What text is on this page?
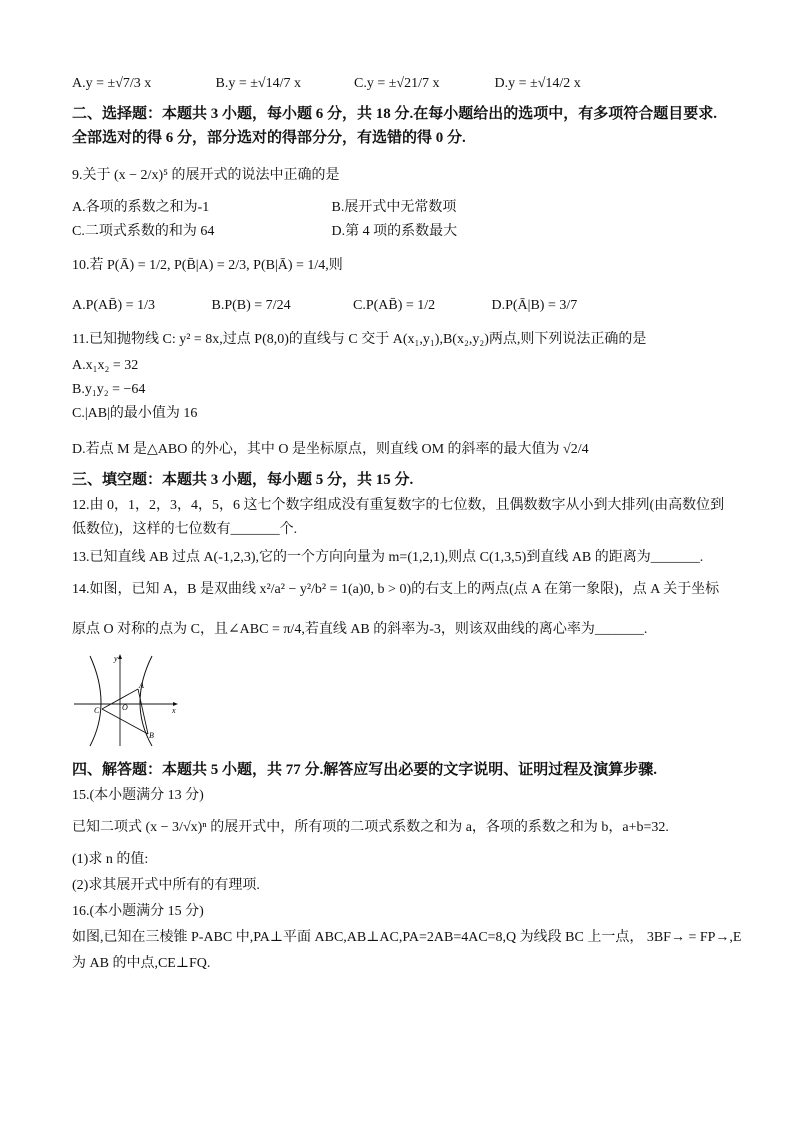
A.y = ±√7/3 x	B.y = ±√14/7 x	C.y = ±√21/7 x	D.y = ±√14/2 x
二、选择题：本题共 3 小题，每小题 6 分，共 18 分.在每小题给出的选项中，有多项符合题目要求.全部选对的得 6 分，部分选对的得部分分，有选错的得 0 分.
9.关于 (x − 2/x)⁵ 的展开式的说法中正确的是
A.各项的系数之和为-1	B.展开式中无常数项
C.二项式系数的和为 64	D.第 4 项的系数最大
10.若 P(Ā) = 1/2, P(B̄|A) = 2/3, P(B|Ā) = 1/4,则
A.P(AB̄) = 1/3	B.P(B) = 7/24	C.P(AB̄) = 1/2	D.P(Ā|B) = 3/7
11.已知抛物线 C: y² = 8x,过点 P(8,0)的直线与 C 交于 A(x₁,y₁),B(x₂,y₂)两点,则下列说法正确的是
A.x₁x₂ = 32
B.y₁y₂ = −64
C.|AB|的最小值为 16
D.若点 M 是△ABO 的外心，其中 O 是坐标原点，则直线 OM 的斜率的最大值为 √2/4
三、填空题：本题共 3 小题，每小题 5 分，共 15 分.
12.由 0，1，2，3，4，5，6 这七个数字组成没有重复数字的七位数，且偶数数字从小到大排列(由高数位到
低数位)，这样的七位数有_______个.
13.已知直线 AB 过点 A(-1,2,3),它的一个方向向量为 m=(1,2,1),则点 C(1,3,5)到直线 AB 的距离为_______.
14.如图，已知 A，B 是双曲线 x²/a² − y²/b² = 1(a)0, b > 0)的右支上的两点(点 A 在第一象限)，点 A 关于坐标
原点 O 对称的点为 C，且∠ABC = π/4,若直线 AB 的斜率为-3，则该双曲线的离心率为_______.
y
x
A
B
C	O
四、解答题：本题共 5 小题，共 77 分.解答应写出必要的文字说明、证明过程及演算步骤.
15.(本小题满分 13 分)
已知二项式 (x − 3/√x)ⁿ 的展开式中，所有项的二项式系数之和为 a，各项的系数之和为 b，a+b=32.
(1)求 n 的值:
(2)求其展开式中所有的有理项.
16.(本小题满分 15 分)
如图,已知在三棱锥 P-ABC 中,PA⊥平面 ABC,AB⊥AC,PA=2AB=4AC=8,Q 为线段 BC 上一点， 3BF→ = FP→,E
为 AB 的中点,CE⊥FQ.
